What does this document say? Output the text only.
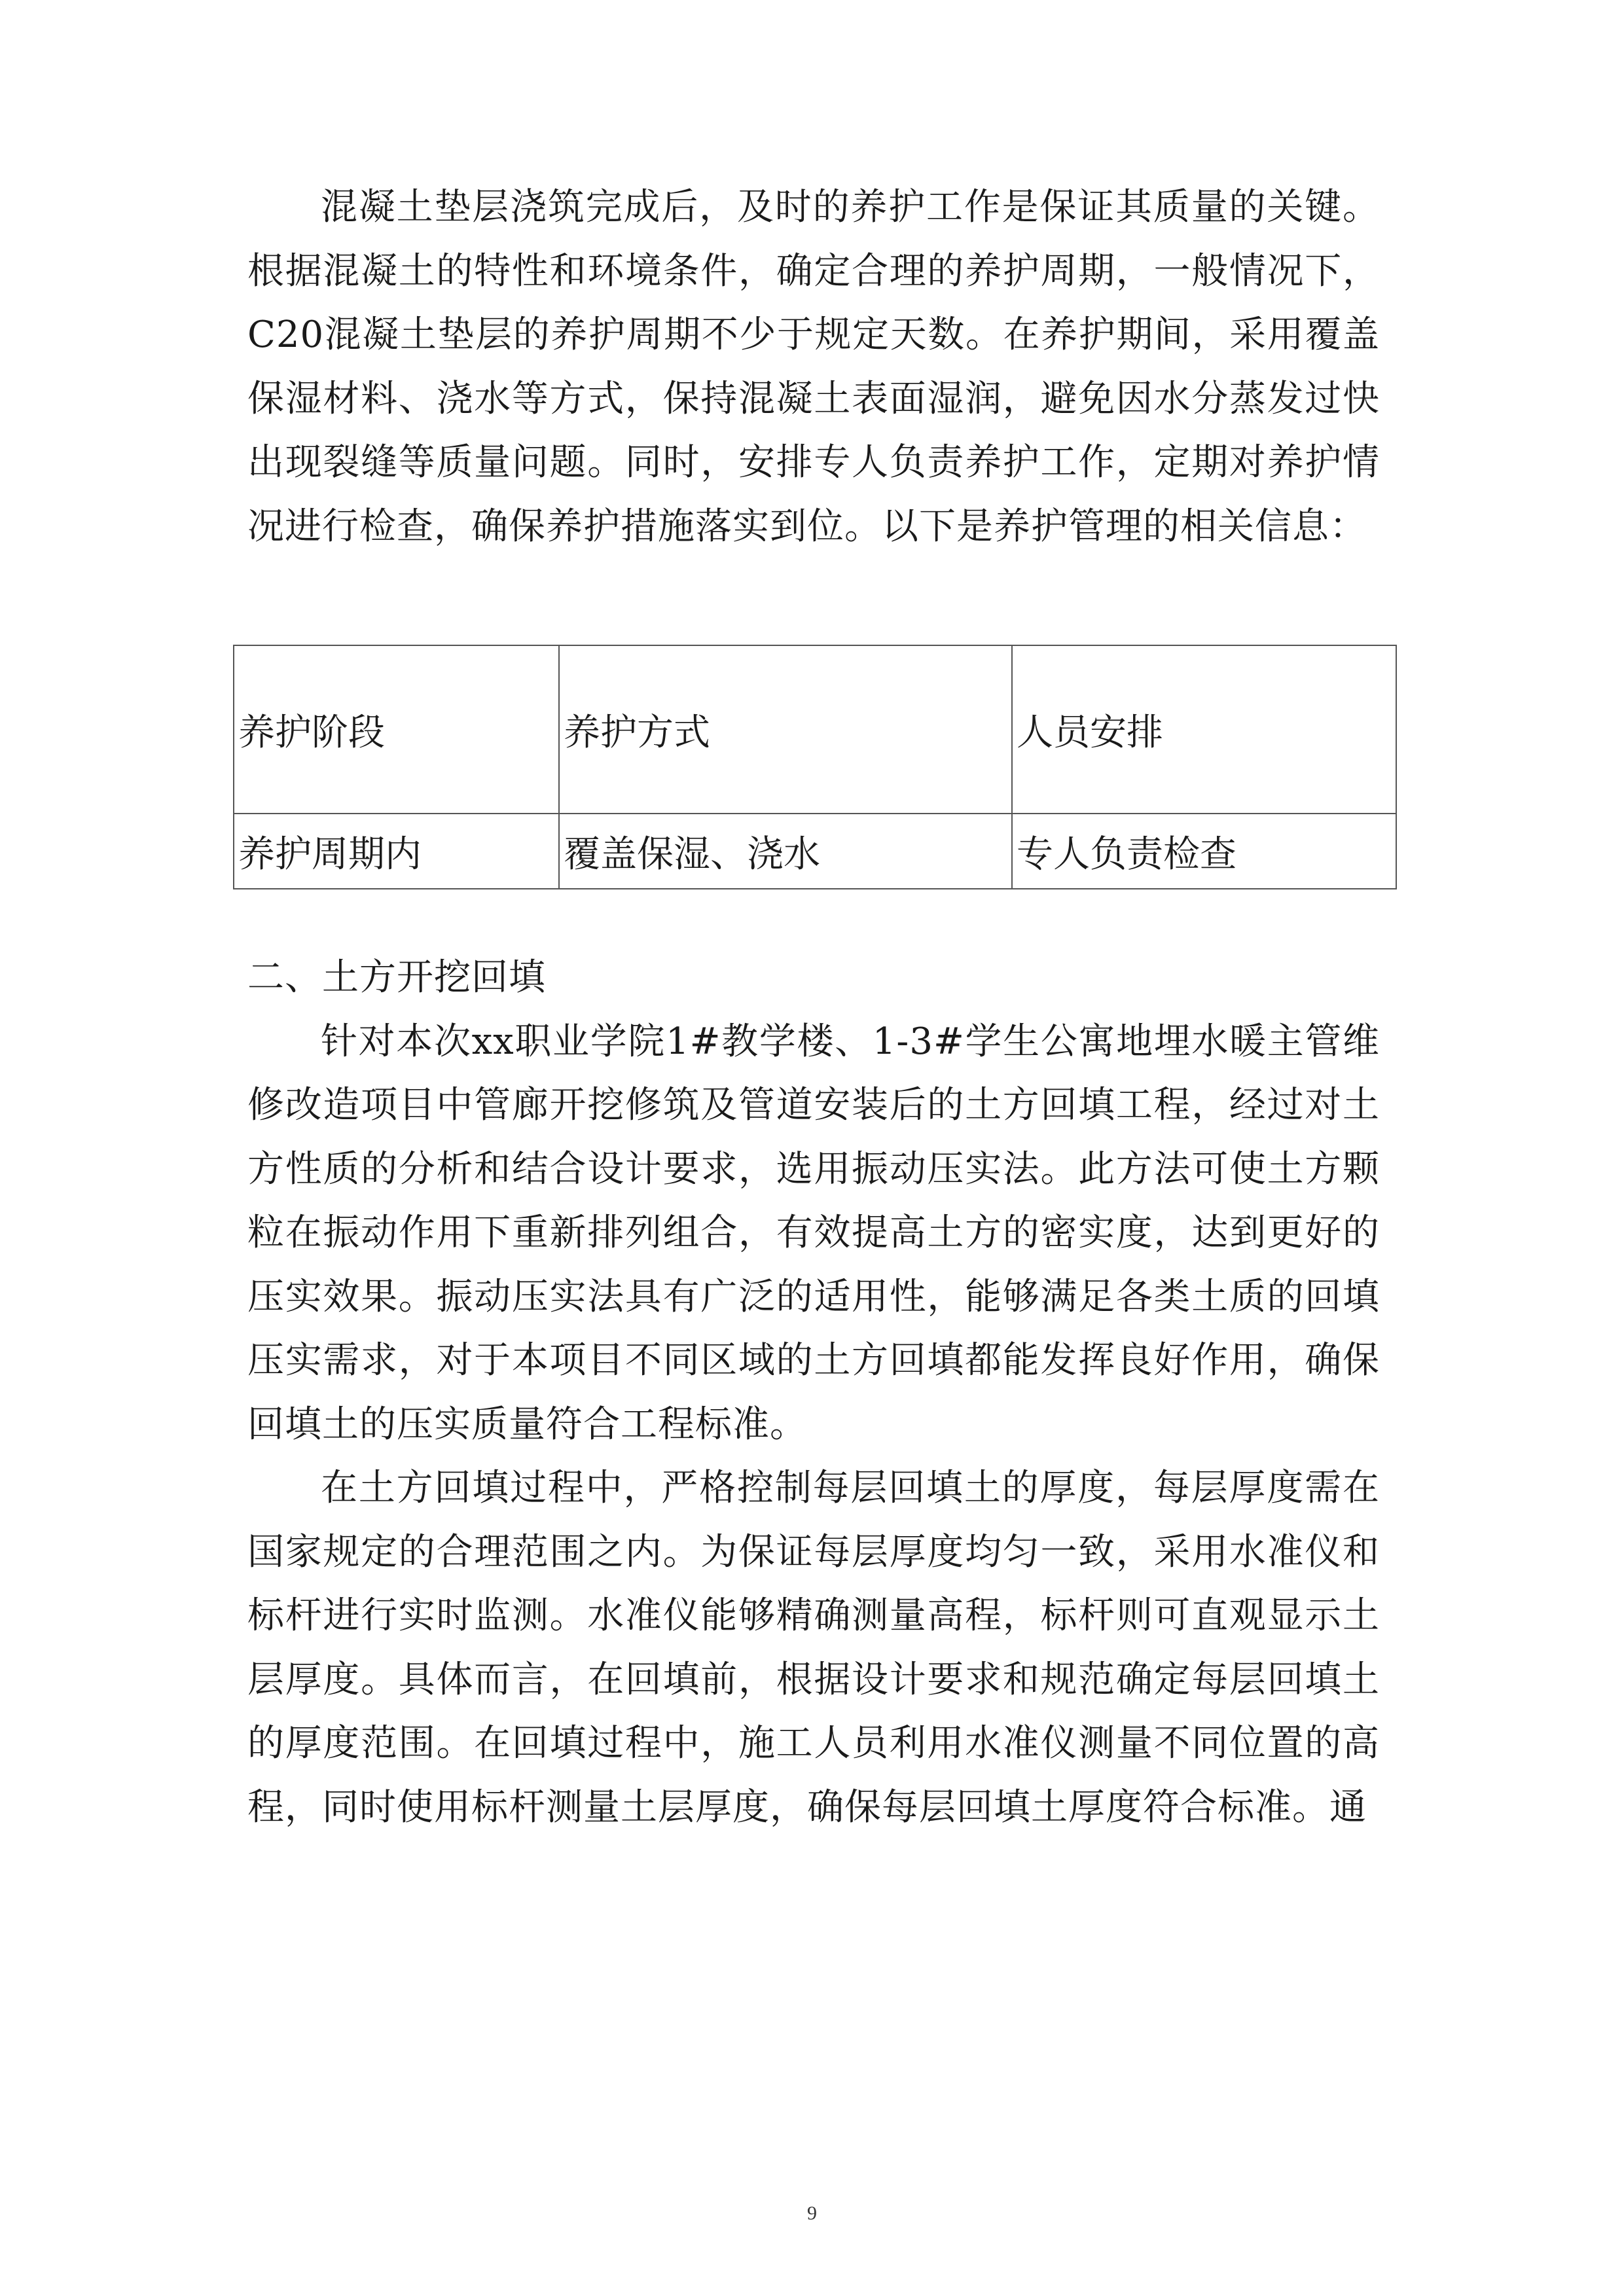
混凝土垫层浇筑完成后，及时的养护工作是保证其质量的关键。根据混凝土的特性和环境条件，确定合理的养护周期，一般情况下，C20混凝土垫层的养护周期不少于规定天数。在养护期间，采用覆盖保湿材料、浇水等方式，保持混凝土表面湿润，避免因水分蒸发过快出现裂缝等质量问题。同时，安排专人负责养护工作，定期对养护情况进行检查，确保养护措施落实到位。以下是养护管理的相关信息：

养护阶段	养护方式	人员安排
养护周期内	覆盖保湿、浇水	专人负责检查

二、土方开挖回填

针对本次xx职业学院1#教学楼、1-3#学生公寓地埋水暖主管维修改造项目中管廊开挖修筑及管道安装后的土方回填工程，经过对土方性质的分析和结合设计要求，选用振动压实法。此方法可使土方颗粒在振动作用下重新排列组合，有效提高土方的密实度，达到更好的压实效果。振动压实法具有广泛的适用性，能够满足各类土质的回填压实需求，对于本项目不同区域的土方回填都能发挥良好作用，确保回填土的压实质量符合工程标准。

在土方回填过程中，严格控制每层回填土的厚度，每层厚度需在国家规定的合理范围之内。为保证每层厚度均匀一致，采用水准仪和标杆进行实时监测。水准仪能够精确测量高程，标杆则可直观显示土层厚度。具体而言，在回填前，根据设计要求和规范确定每层回填土的厚度范围。在回填过程中，施工人员利用水准仪测量不同位置的高程，同时使用标杆测量土层厚度，确保每层回填土厚度符合标准。通

9
